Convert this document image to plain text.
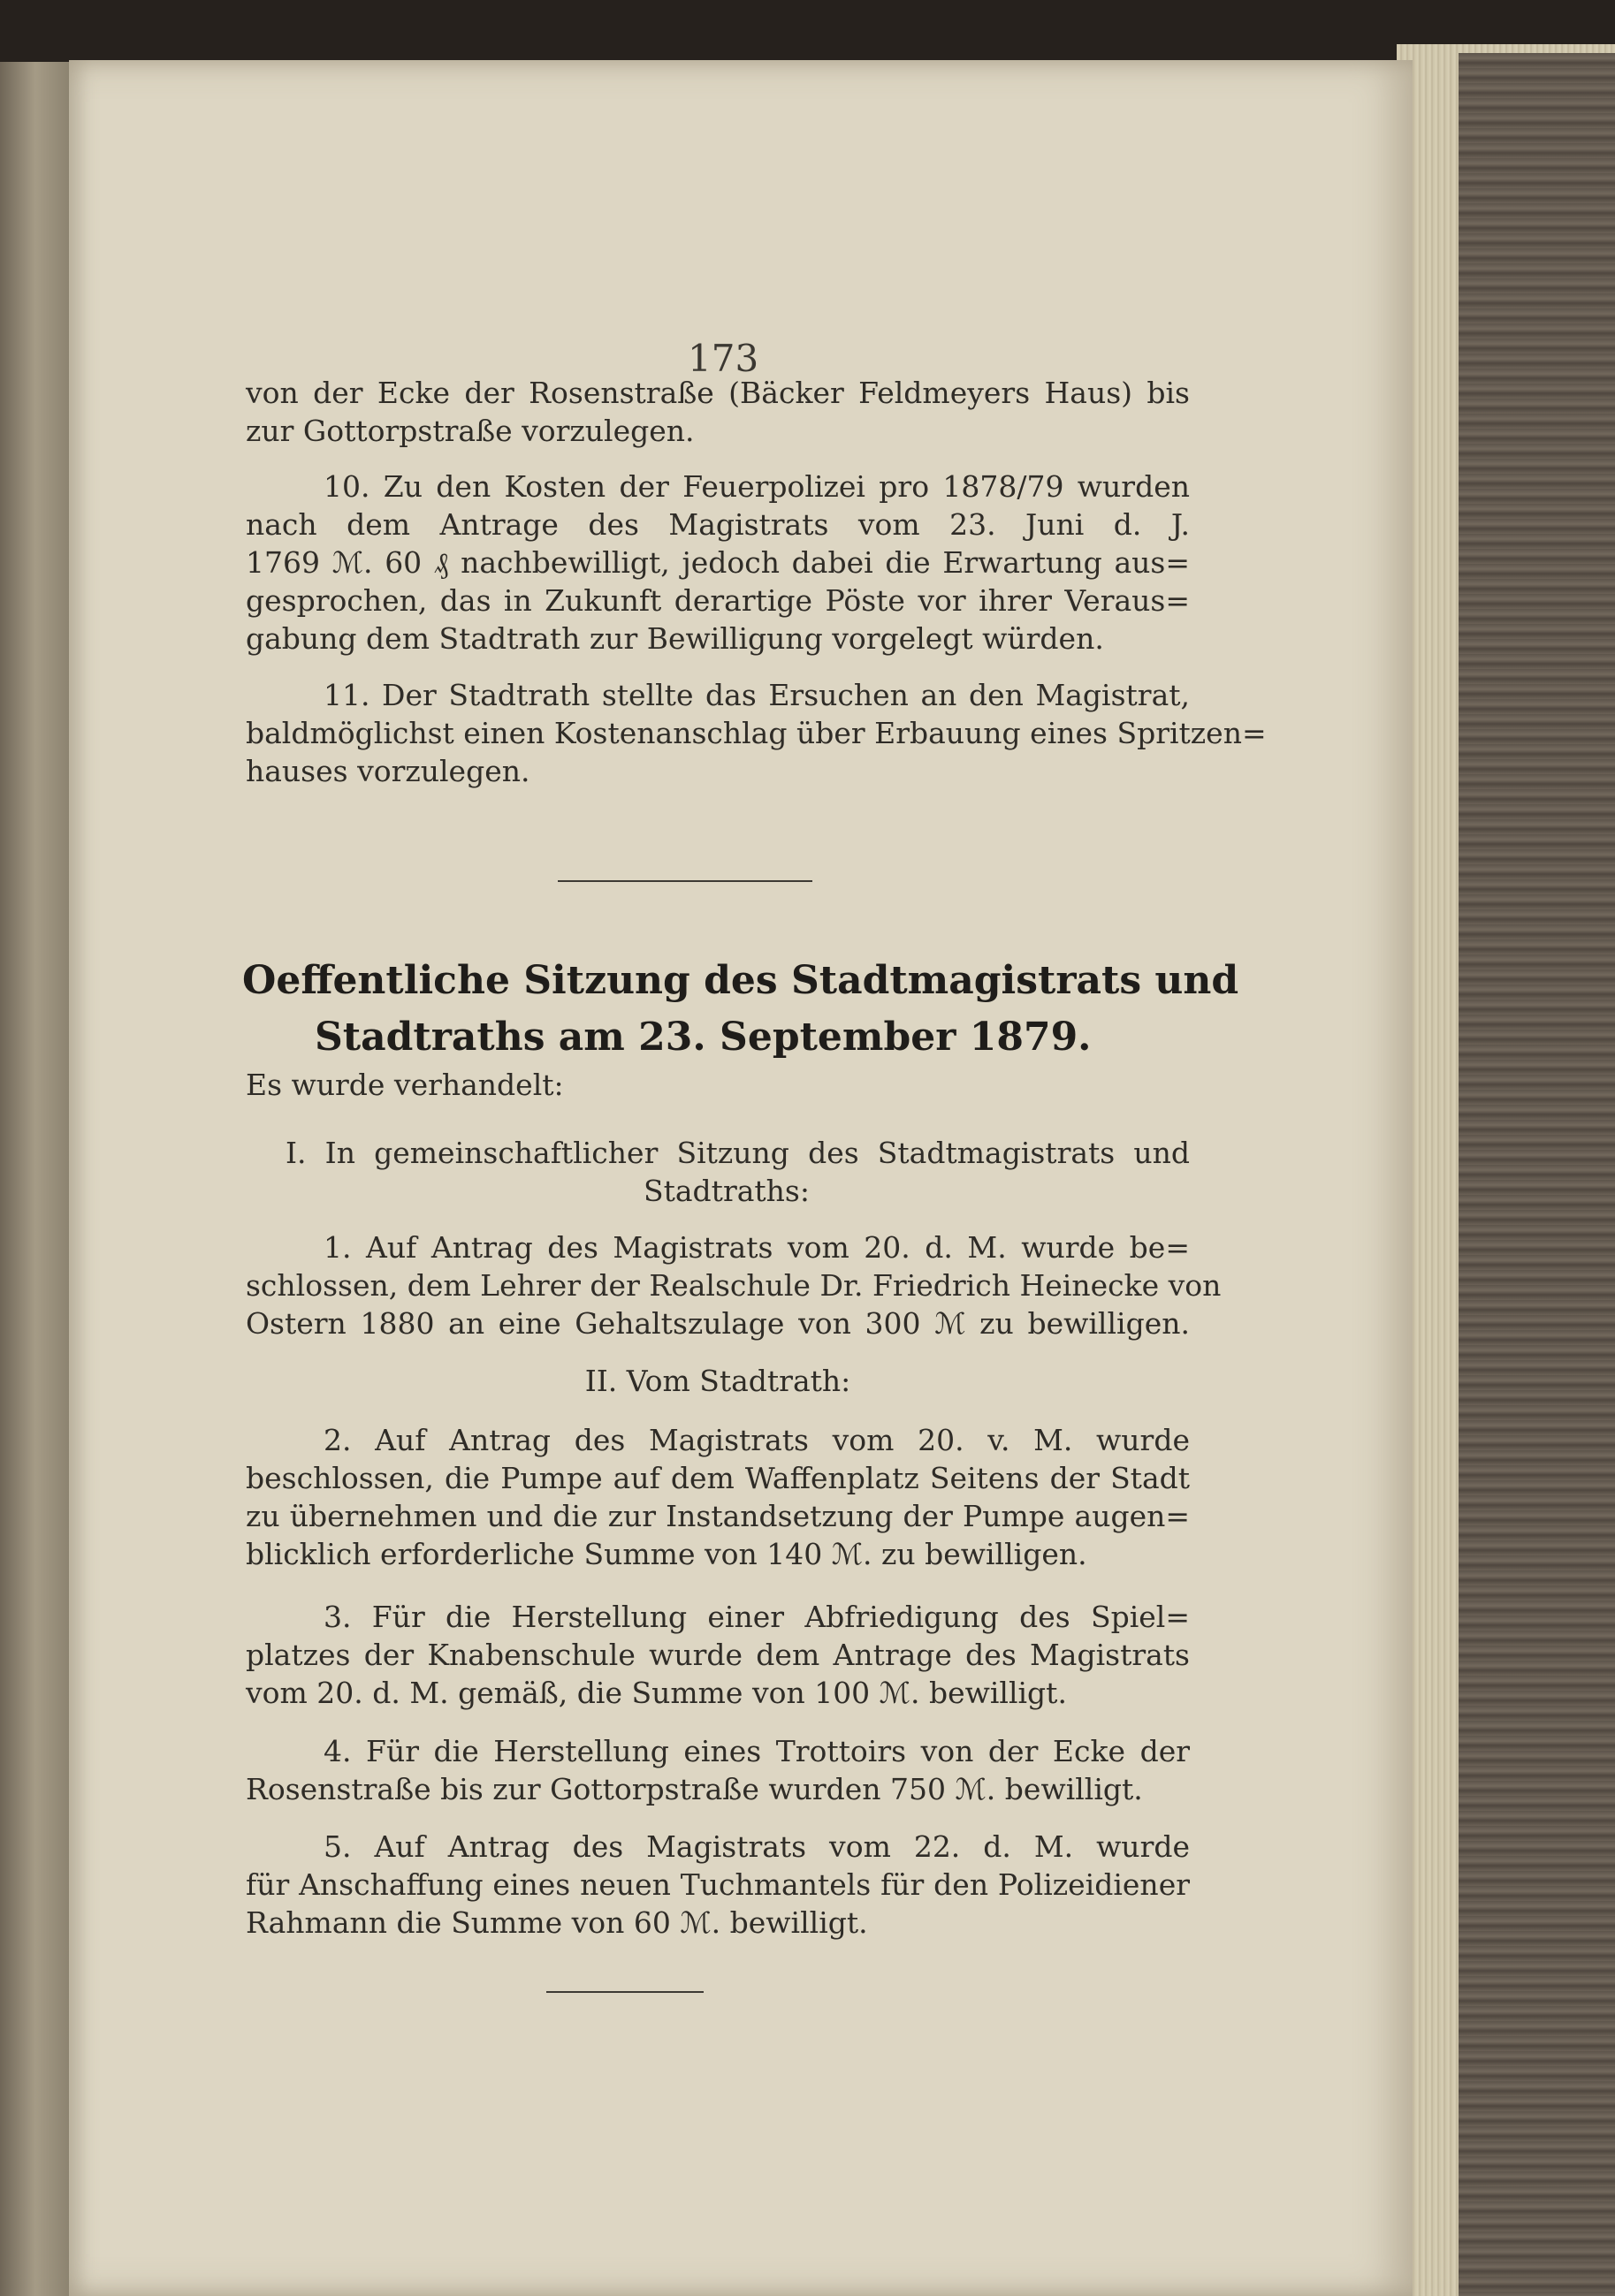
173
von der Ecke der Rosenstraße (Bäcker Feldmeyers Haus) bis
zur Gottorpstraße vorzulegen.
10. Zu den Kosten der Feuerpolizei pro 1878/79 wurden
nach dem Antrage des Magistrats vom 23. Juni d. J.
1769 ℳ. 60 ₰ nachbewilligt, jedoch dabei die Erwartung aus=
gesprochen, das in Zukunft derartige Pöste vor ihrer Veraus=
gabung dem Stadtrath zur Bewilligung vorgelegt würden.
11. Der Stadtrath stellte das Ersuchen an den Magistrat,
baldmöglichst einen Kostenanschlag über Erbauung eines Spritzen=
hauses vorzulegen.
Oeffentliche Sitzung des Stadtmagistrats und
Stadtraths am 23. September 1879.
Es wurde verhandelt:
I. In gemeinschaftlicher Sitzung des Stadtmagistrats und
Stadtraths:
1. Auf Antrag des Magistrats vom 20. d. M. wurde be=
schlossen, dem Lehrer der Realschule Dr. Friedrich Heinecke von
Ostern 1880 an eine Gehaltszulage von 300 ℳ zu bewilligen.
II. Vom Stadtrath:
2. Auf Antrag des Magistrats vom 20. v. M. wurde
beschlossen, die Pumpe auf dem Waffenplatz Seitens der Stadt
zu übernehmen und die zur Instandsetzung der Pumpe augen=
blicklich erforderliche Summe von 140 ℳ. zu bewilligen.
3. Für die Herstellung einer Abfriedigung des Spiel=
platzes der Knabenschule wurde dem Antrage des Magistrats
vom 20. d. M. gemäß, die Summe von 100 ℳ. bewilligt.
4. Für die Herstellung eines Trottoirs von der Ecke der
Rosenstraße bis zur Gottorpstraße wurden 750 ℳ. bewilligt.
5. Auf Antrag des Magistrats vom 22. d. M. wurde
für Anschaffung eines neuen Tuchmantels für den Polizeidiener
Rahmann die Summe von 60 ℳ. bewilligt.
